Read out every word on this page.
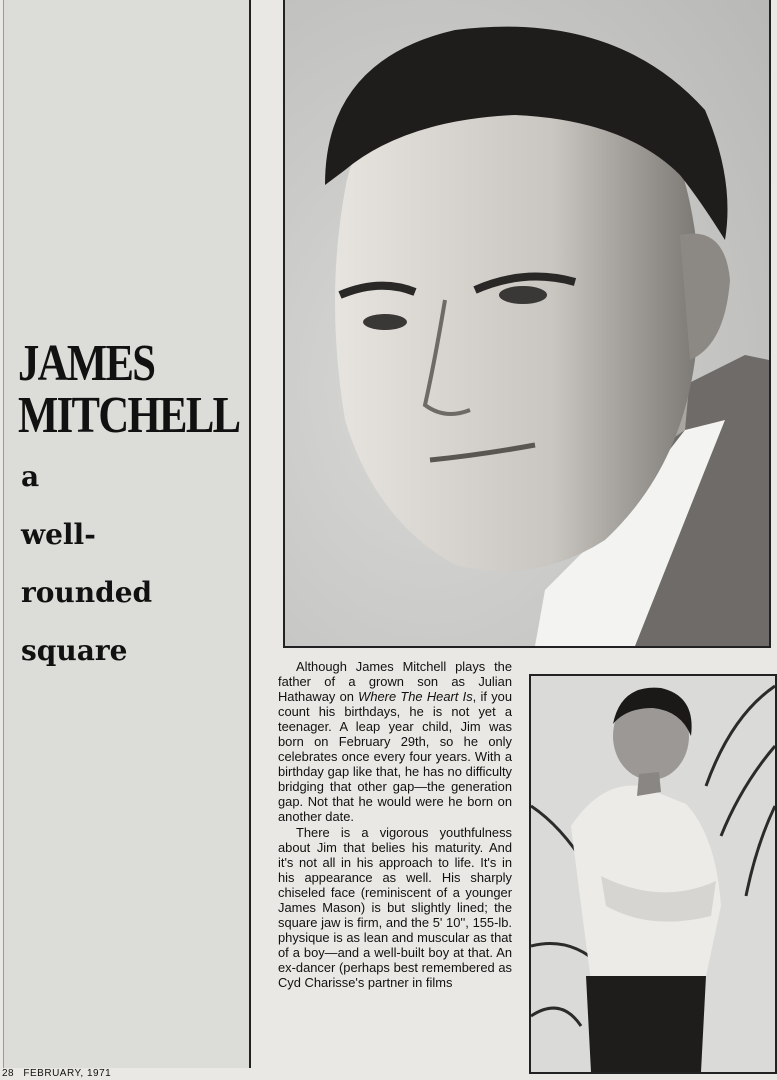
JAMES
MITCHELL
a
well-
rounded
square	Although James Mitchell plays the father of a grown son as Julian Hathaway on Where The Heart Is, if you count his birthdays, he is not yet a teenager. A leap year child, Jim was born on February 29th, so he only celebrates once every four years. With a birthday gap like that, he has no difficulty bridging that other gap—the generation gap. Not that he would were he born on another date.

There is a vigorous youthfulness about Jim that belies his maturity. And it's not all in his approach to life. It's in his appearance as well. His sharply chiseled face (reminiscent of a younger James Mason) is but slightly lined; the square jaw is firm, and the 5' 10'', 155-lb. physique is as lean and muscular as that of a boy—and a well-built boy at that. An ex-dancer (perhaps best remembered as Cyd Charisse's partner in films

28 FEBRUARY, 1971
